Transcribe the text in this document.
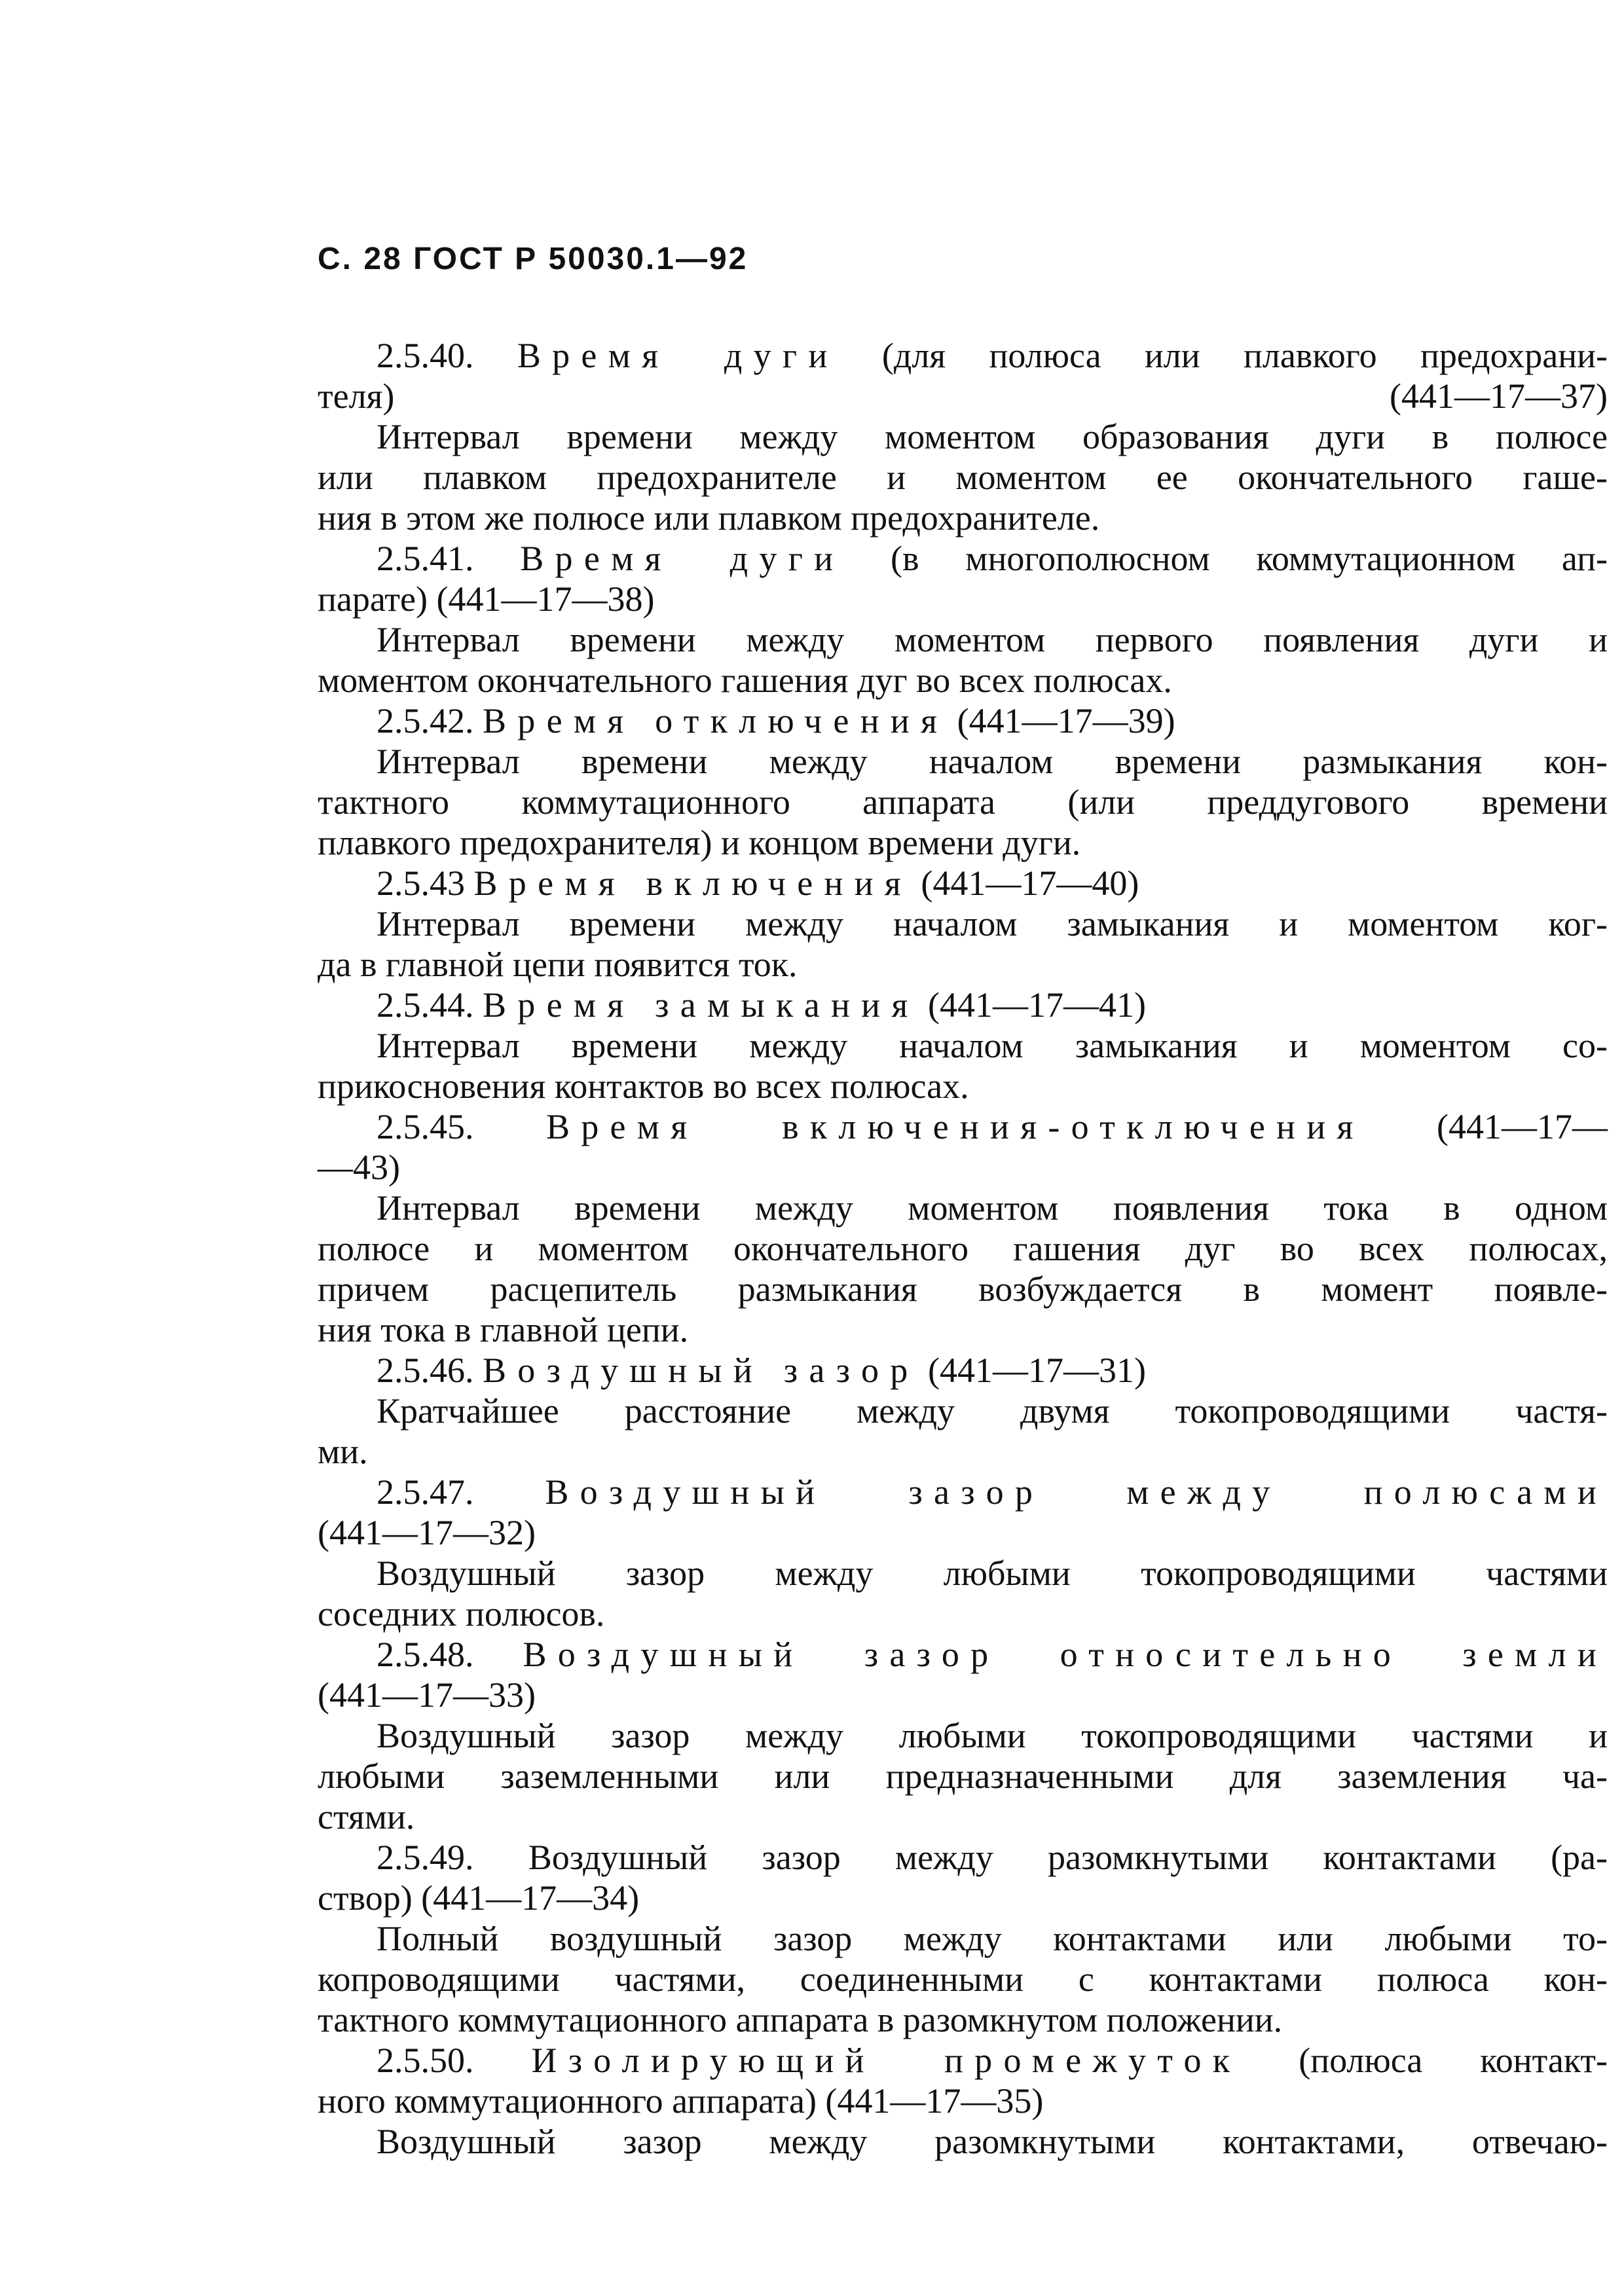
С. 28 ГОСТ Р 50030.1—92
2.5.40. Время дуги (для полюса или плавкого предохрани-
теля) (441—17—37)
Интервал времени между моментом образования дуги в полюсе
или плавком предохранителе и моментом ее окончательного гаше-
ния в этом же полюсе или плавком предохранителе.
2.5.41. Время дуги (в многополюсном коммутационном ап-
парате) (441—17—38)
Интервал времени между моментом первого появления дуги и
моментом окончательного гашения дуг во всех полюсах.
2.5.42. Время отключения (441—17—39)
Интервал времени между началом времени размыкания кон-
тактного коммутационного аппарата (или преддугового времени
плавкого предохранителя) и концом времени дуги.
2.5.43 Время включения (441—17—40)
Интервал времени между началом замыкания и моментом ког-
да в главной цепи появится ток.
2.5.44. Время замыкания (441—17—41)
Интервал времени между началом замыкания и моментом со-
прикосновения контактов во всех полюсах.
2.5.45. Время включения-отключения (441—17—
—43)
Интервал времени между моментом появления тока в одном
полюсе и моментом окончательного гашения дуг во всех полюсах,
причем расцепитель размыкания возбуждается в момент появле-
ния тока в главной цепи.
2.5.46. Воздушный зазор (441—17—31)
Кратчайшее расстояние между двумя токопроводящими частя-
ми.
2.5.47. Воздушный зазор между полюсами
(441—17—32)
Воздушный зазор между любыми токопроводящими частями
соседних полюсов.
2.5.48. Воздушный зазор относительно земли
(441—17—33)
Воздушный зазор между любыми токопроводящими частями и
любыми заземленными или предназначенными для заземления ча-
стями.
2.5.49. Воздушный зазор между разомкнутыми контактами (ра-
створ) (441—17—34)
Полный воздушный зазор между контактами или любыми то-
копроводящими частями, соединенными с контактами полюса кон-
тактного коммутационного аппарата в разомкнутом положении.
2.5.50. Изолирующий промежуток (полюса контакт-
ного коммутационного аппарата) (441—17—35)
Воздушный зазор между разомкнутыми контактами, отвечаю-
